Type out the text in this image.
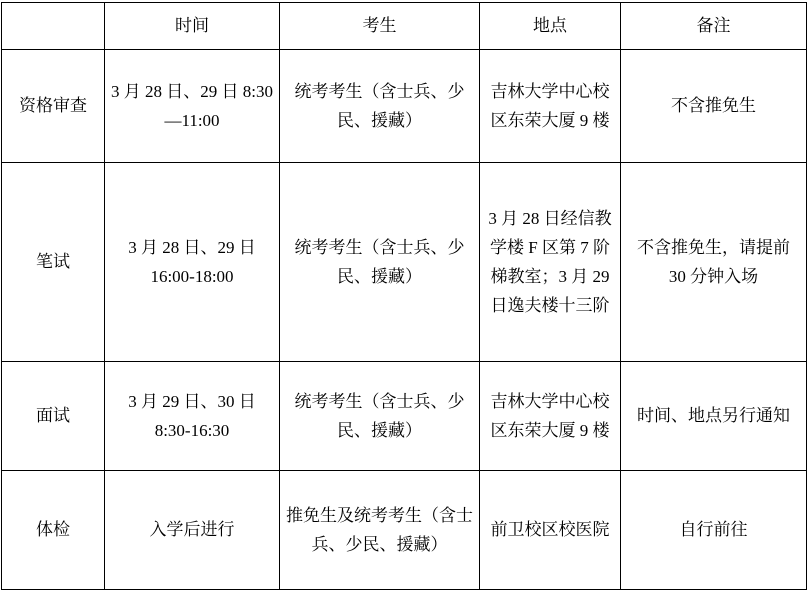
	时间	考生	地点	备注
资格审查	3 月 28 日、29 日 8:30—11:00	统考考生（含士兵、少民、援藏）	吉林大学中心校区东荣大厦 9 楼	不含推免生
笔试	3 月 28 日、29 日 16:00-18:00	统考考生（含士兵、少民、援藏）	3 月 28 日经信教学楼 F 区第 7 阶梯教室；3 月 29 日逸夫楼十三阶	不含推免生，请提前 30 分钟入场
面试	3 月 29 日、30 日 8:30-16:30	统考考生（含士兵、少民、援藏）	吉林大学中心校区东荣大厦 9 楼	时间、地点另行通知
体检	入学后进行	推免生及统考考生（含士兵、少民、援藏）	前卫校区校医院	自行前往
